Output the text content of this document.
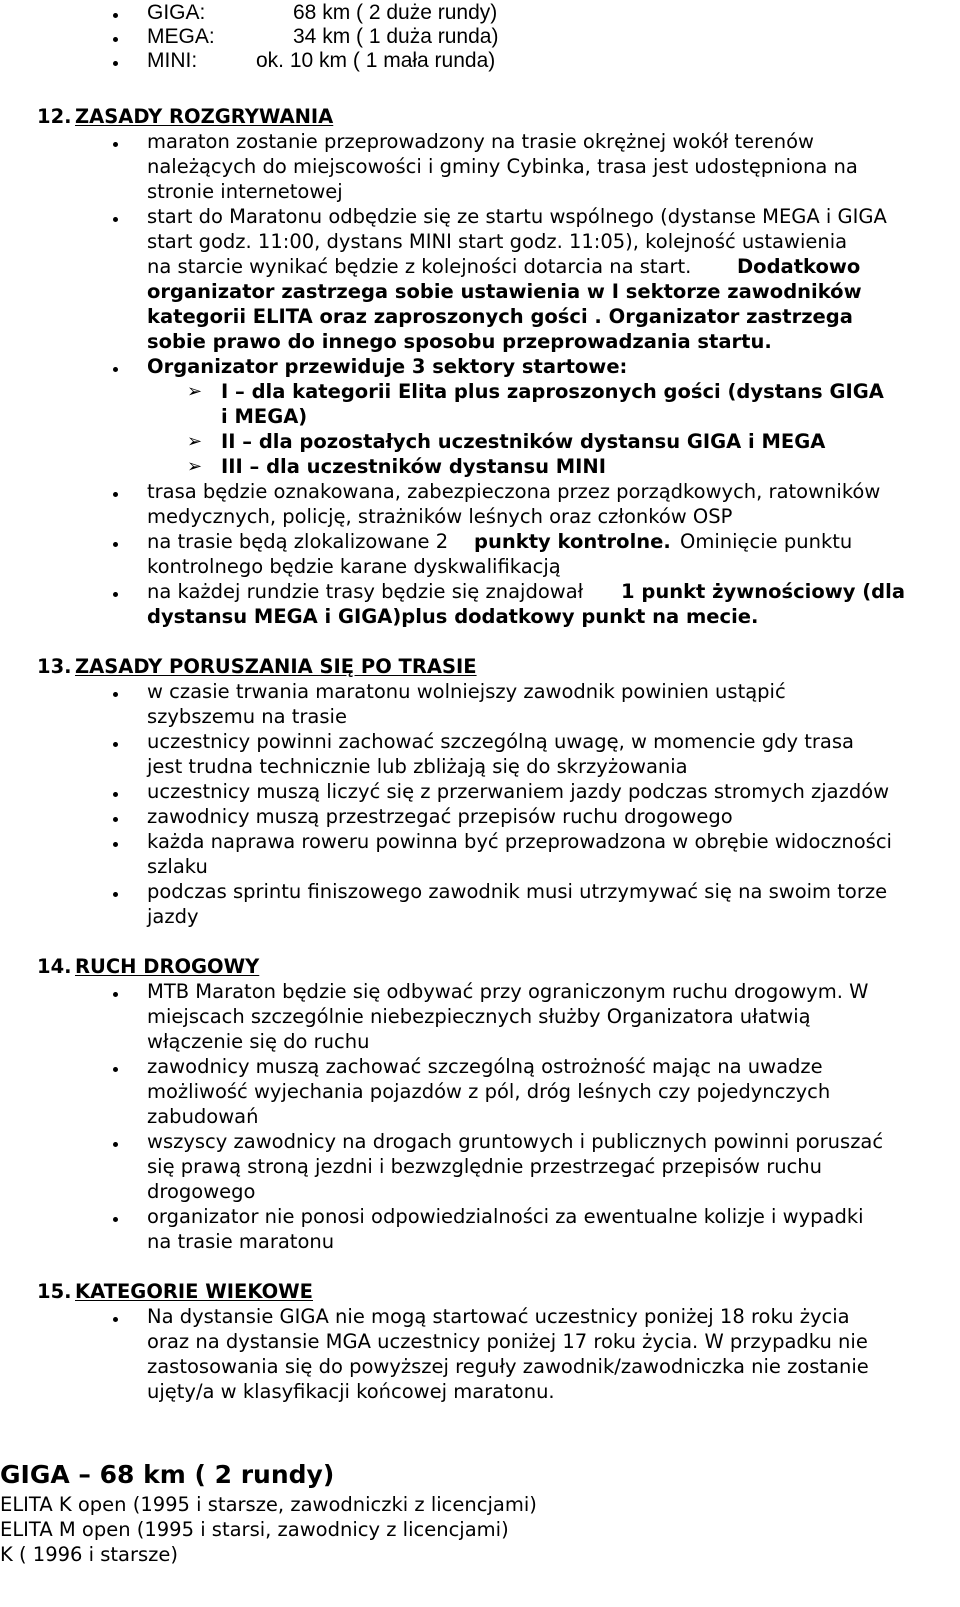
GIGA:	68 km ( 2 duże rundy)
MEGA:	34 km ( 1 duża runda)
MINI:	ok. 10 km ( 1 mała runda)
12. ZASADY ROZGRYWANIA
maraton zostanie przeprowadzony na trasie okrężnej wokół terenów
należących do miejscowości i gminy Cybinka, trasa jest udostępniona na
stronie internetowej
start do Maratonu odbędzie się ze startu wspólnego (dystanse MEGA i GIGA
start godz. 11:00, dystans MINI start godz. 11:05), kolejność ustawienia
na starcie wynikać będzie z kolejności dotarcia na start. Dodatkowo
organizator zastrzega sobie ustawienia w I sektorze zawodników
kategorii ELITA oraz zaproszonych gości . Organizator zastrzega
sobie prawo do innego sposobu przeprowadzania startu.
Organizator przewiduje 3 sektory startowe:
➢ I – dla kategorii Elita plus zaproszonych gości (dystans GIGA
i MEGA)
➢ II – dla pozostałych uczestników dystansu GIGA i MEGA
➢ III – dla uczestników dystansu MINI
trasa będzie oznakowana, zabezpieczona przez porządkowych, ratowników
medycznych, policję, strażników leśnych oraz członków OSP
na trasie będą zlokalizowane 2 punkty kontrolne. Ominięcie punktu
kontrolnego będzie karane dyskwalifikacją
na każdej rundzie trasy będzie się znajdował 1 punkt żywnościowy (dla
dystansu MEGA i GIGA)plus dodatkowy punkt na mecie.
13. ZASADY PORUSZANIA SIĘ PO TRASIE
w czasie trwania maratonu wolniejszy zawodnik powinien ustąpić
szybszemu na trasie
uczestnicy powinni zachować szczególną uwagę, w momencie gdy trasa
jest trudna technicznie lub zbliżają się do skrzyżowania
uczestnicy muszą liczyć się z przerwaniem jazdy podczas stromych zjazdów
zawodnicy muszą przestrzegać przepisów ruchu drogowego
każda naprawa roweru powinna być przeprowadzona w obrębie widoczności
szlaku
podczas sprintu finiszowego zawodnik musi utrzymywać się na swoim torze
jazdy
14. RUCH DROGOWY
MTB Maraton będzie się odbywać przy ograniczonym ruchu drogowym. W
miejscach szczególnie niebezpiecznych służby Organizatora ułatwią
włączenie się do ruchu
zawodnicy muszą zachować szczególną ostrożność mając na uwadze
możliwość wyjechania pojazdów z pól, dróg leśnych czy pojedynczych
zabudowań
wszyscy zawodnicy na drogach gruntowych i publicznych powinni poruszać
się prawą stroną jezdni i bezwzględnie przestrzegać przepisów ruchu
drogowego
organizator nie ponosi odpowiedzialności za ewentualne kolizje i wypadki
na trasie maratonu
15. KATEGORIE WIEKOWE
Na dystansie GIGA nie mogą startować uczestnicy poniżej 18 roku życia
oraz na dystansie MGA uczestnicy poniżej 17 roku życia. W przypadku nie
zastosowania się do powyższej reguły zawodnik/zawodniczka nie zostanie
ujęty/a w klasyfikacji końcowej maratonu.
GIGA – 68 km ( 2 rundy)
ELITA K open (1995 i starsze, zawodniczki z licencjami)
ELITA M open (1995 i starsi, zawodnicy z licencjami)
K ( 1996 i starsze)
